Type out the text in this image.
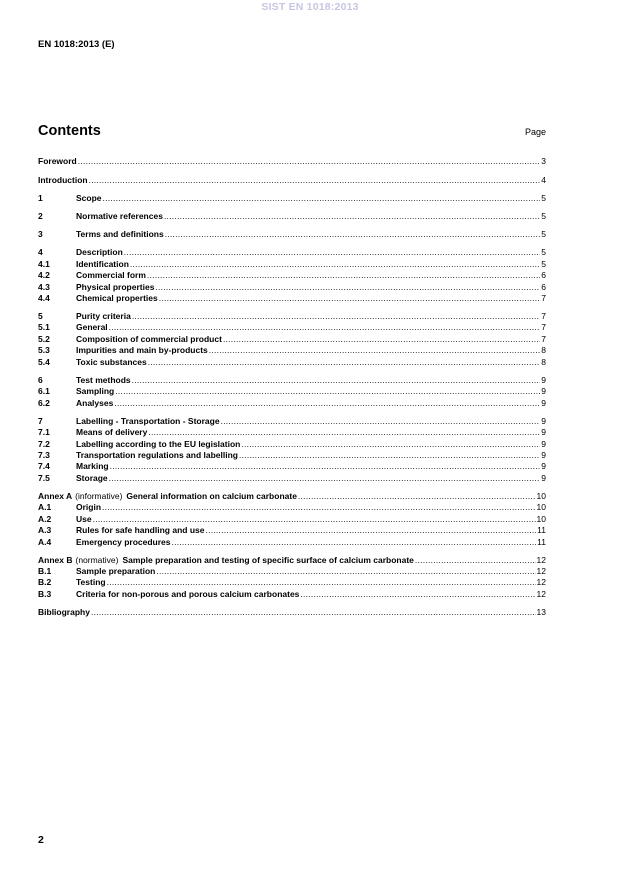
SIST EN 1018:2013
EN 1018:2013 (E)
Contents	Page
Foreword .....	3
Introduction .....	4
1	Scope .....	5
2	Normative references .....	5
3	Terms and definitions .....	5
4	Description .....	5
4.1	Identification .....	5
4.2	Commercial form .....	6
4.3	Physical properties .....	6
4.4	Chemical properties .....	7
5	Purity criteria .....	7
5.1	General .....	7
5.2	Composition of commercial product .....	7
5.3	Impurities and main by-products .....	8
5.4	Toxic substances .....	8
6	Test methods .....	9
6.1	Sampling .....	9
6.2	Analyses .....	9
7	Labelling - Transportation - Storage .....	9
7.1	Means of delivery .....	9
7.2	Labelling according to the EU legislation .....	9
7.3	Transportation regulations and labelling .....	9
7.4	Marking .....	9
7.5	Storage .....	9
Annex A (informative) General information on calcium carbonate .....	10
A.1	Origin .....	10
A.2	Use .....	10
A.3	Rules for safe handling and use .....	11
A.4	Emergency procedures .....	11
Annex B (normative) Sample preparation and testing of specific surface of calcium carbonate .....	12
B.1	Sample preparation .....	12
B.2	Testing .....	12
B.3	Criteria for non-porous and porous calcium carbonates .....	12
Bibliography .....	13
2
